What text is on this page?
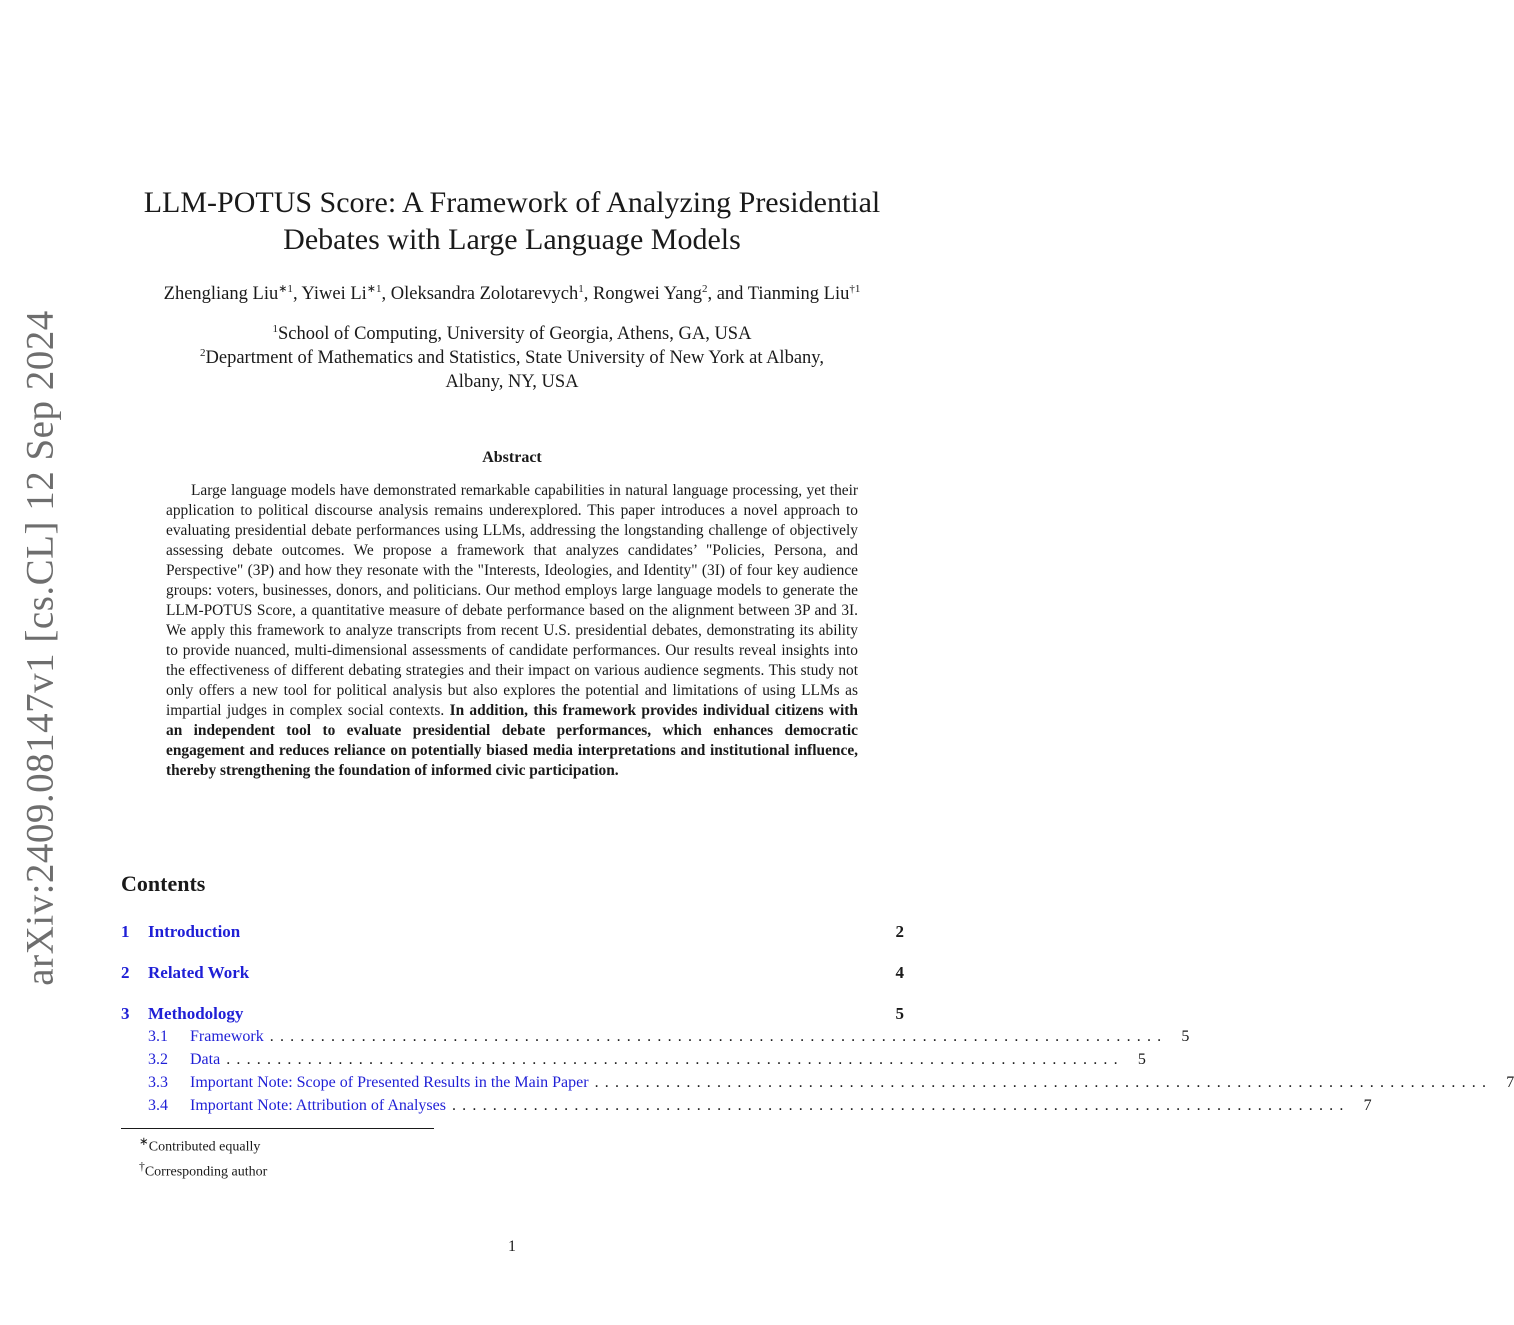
arXiv:2409.08147v1 [cs.CL] 12 Sep 2024
LLM-POTUS Score: A Framework of Analyzing Presidential
Debates with Large Language Models
Zhengliang Liu$^{∗1}$, Yiwei $Li^{∗1}$, Oleksandra Zolotarevych$^1$, Rongwei Yang$^2$, and Tianming Liu$^{\dagger 1}$
$^1$School of Computing, University of Georgia, Athens, GA, USA
$^2$Department of Mathematics and Statistics, State University of New York at Albany,
Albany, NY, USA
Abstract
Large language models have demonstrated remarkable capabilities in natural language processing, yet their application to political discourse analysis remains underexplored. This paper introduces a novel approach to evaluating presidential debate performances using LLMs, addressing the longstanding challenge of objectively assessing debate outcomes. We propose a framework that analyzes candidates’ "Policies, Persona, and Perspective" (3P) and how they resonate with the "Interests, Ideologies, and Identity" (3I) of four key audience groups: voters, businesses, donors, and politicians. Our method employs large language models to generate the LLM-POTUS Score, a quantitative measure of debate performance based on the alignment between 3P and 3I. We apply this framework to analyze transcripts from recent U.S. presidential debates, demonstrating its ability to provide nuanced, multi-dimensional assessments of candidate performances. Our results reveal insights into the effectiveness of different debating strategies and their impact on various audience segments. This study not only offers a new tool for political analysis but also explores the potential and limitations of using LLMs as impartial judges in complex social contexts. In addition, this framework provides individual citizens with an independent tool to evaluate presidential debate performances, which enhances democratic engagement and reduces reliance on potentially biased media interpretations and institutional influence, thereby strengthening the foundation of informed civic participation.
Contents
1 Introduction	2
2 Related Work	4
3 Methodology	5
3.1	Framework ........................................................................................ 5
3.2	Data ........................................................................................ 5
3.3	Important Note: Scope of Presented Results in the Main Paper ........................................................................................ 7
3.4	Important Note: Attribution of Analyses ........................................................................................ 7
∗Contributed equally
†Corresponding author
1
